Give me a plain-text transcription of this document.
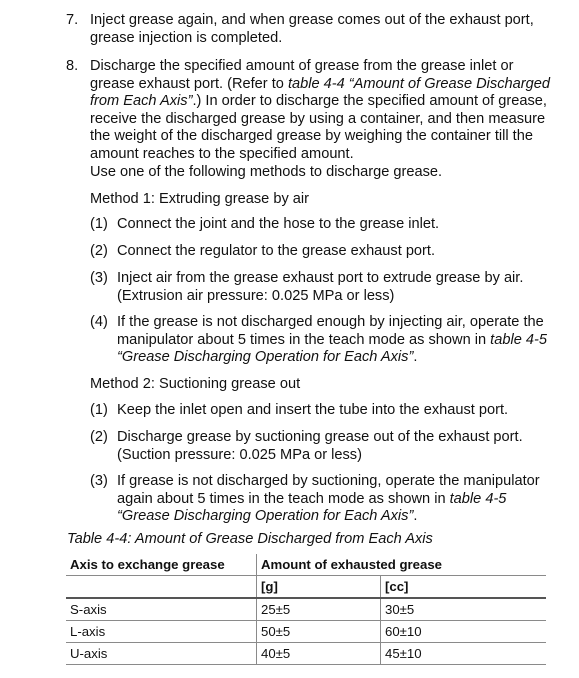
7. Inject grease again, and when grease comes out of the exhaust port, grease injection is completed.
8. Discharge the specified amount of grease from the grease inlet or grease exhaust port. (Refer to table 4-4 “Amount of Grease Discharged from Each Axis”.) In order to discharge the specified amount of grease, receive the discharged grease by using a container, and then measure the weight of the discharged grease by weighing the container till the amount reaches to the specified amount.
Use one of the following methods to discharge grease.
Method 1: Extruding grease by air
(1) Connect the joint and the hose to the grease inlet.
(2) Connect the regulator to the grease exhaust port.
(3) Inject air from the grease exhaust port to extrude grease by air.
(Extrusion air pressure: 0.025 MPa or less)
(4) If the grease is not discharged enough by injecting air, operate the manipulator about 5 times in the teach mode as shown in table 4-5 “Grease Discharging Operation for Each Axis”.
Method 2: Suctioning grease out
(1) Keep the inlet open and insert the tube into the exhaust port.
(2) Discharge grease by suctioning grease out of the exhaust port.
(Suction pressure: 0.025 MPa or less)
(3) If grease is not discharged by suctioning, operate the manipulator again about 5 times in the teach mode as shown in table 4-5 “Grease Discharging Operation for Each Axis”.
Table 4-4: Amount of Grease Discharged from Each Axis
Axis to exchange grease	Amount of exhausted grease	
	[g]	[cc]
S-axis	25±5	30±5
L-axis	50±5	60±10
U-axis	40±5	45±10
